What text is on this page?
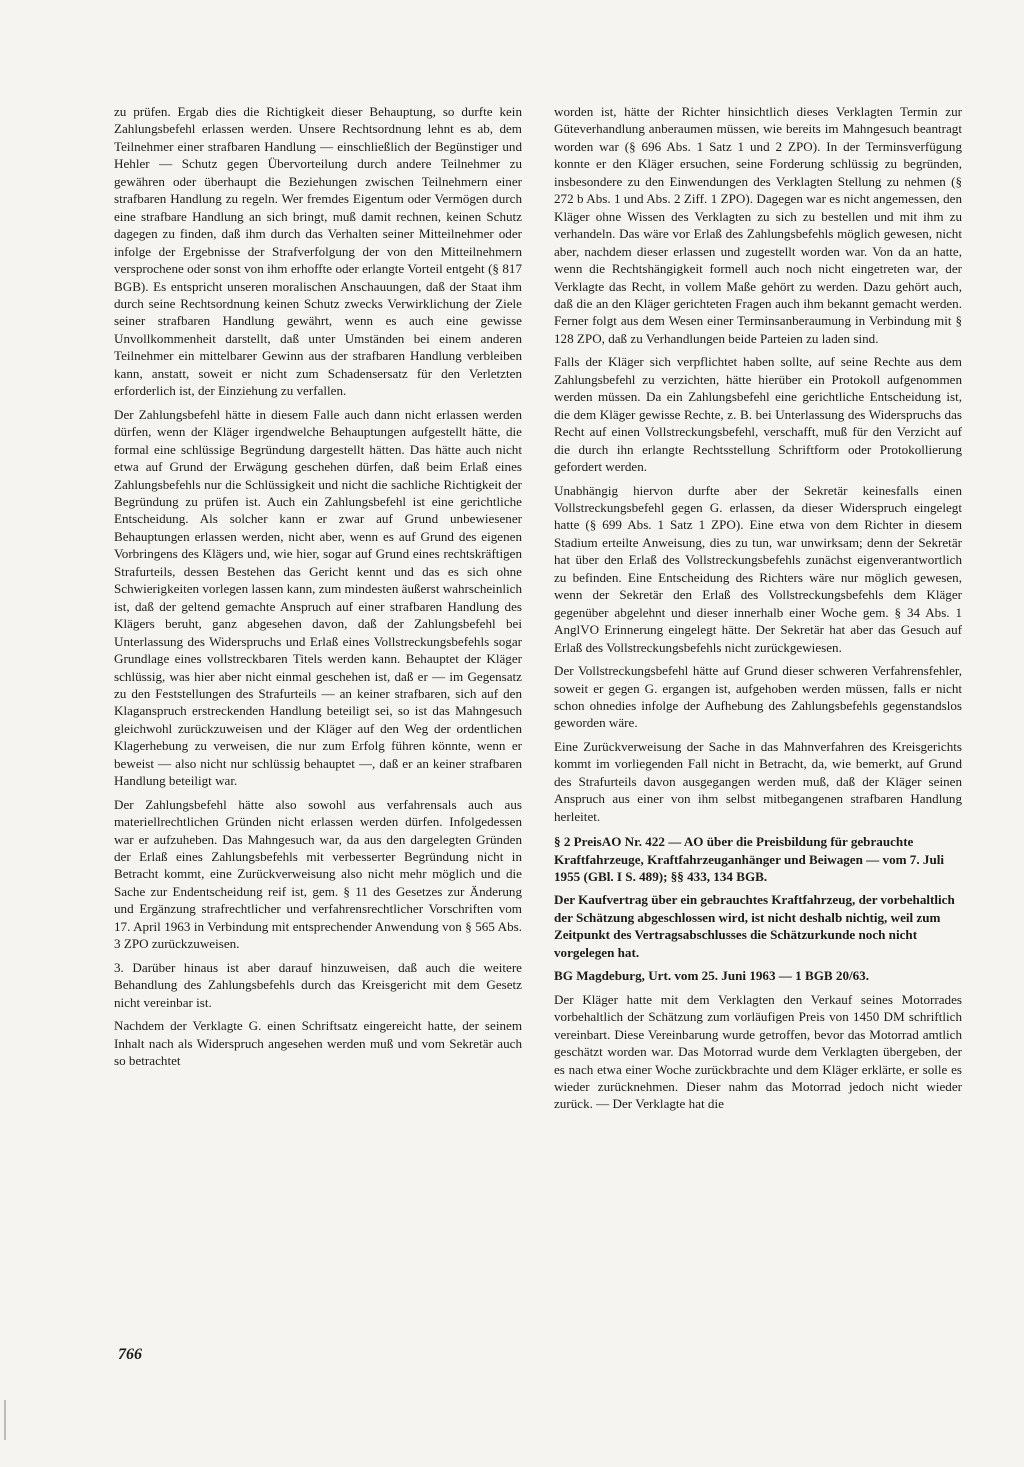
zu prüfen. Ergab dies die Richtigkeit dieser Behauptung, so durfte kein Zahlungsbefehl erlassen werden. Unsere Rechtsordnung lehnt es ab, dem Teilnehmer einer strafbaren Handlung — einschließlich der Begünstiger und Hehler — Schutz gegen Übervorteilung durch andere Teilnehmer zu gewähren oder überhaupt die Beziehungen zwischen Teilnehmern einer strafbaren Handlung zu regeln. Wer fremdes Eigentum oder Vermögen durch eine strafbare Handlung an sich bringt, muß damit rechnen, keinen Schutz dagegen zu finden, daß ihm durch das Verhalten seiner Mitteilnehmer oder infolge der Ergebnisse der Strafverfolgung der von den Mitteilnehmern versprochene oder sonst von ihm erhoffte oder erlangte Vorteil entgeht (§ 817 BGB). Es entspricht unseren moralischen Anschauungen, daß der Staat ihm durch seine Rechtsordnung keinen Schutz zwecks Verwirklichung der Ziele seiner strafbaren Handlung gewährt, wenn es auch eine gewisse Unvollkommenheit darstellt, daß unter Umständen bei einem anderen Teilnehmer ein mittelbarer Gewinn aus der strafbaren Handlung verbleiben kann, anstatt, soweit er nicht zum Schadensersatz für den Verletzten erforderlich ist, der Einziehung zu verfallen.

Der Zahlungsbefehl hätte in diesem Falle auch dann nicht erlassen werden dürfen, wenn der Kläger irgendwelche Behauptungen aufgestellt hätte, die formal eine schlüssige Begründung dargestellt hätten. Das hätte auch nicht etwa auf Grund der Erwägung geschehen dürfen, daß beim Erlaß eines Zahlungsbefehls nur die Schlüssigkeit und nicht die sachliche Richtigkeit der Begründung zu prüfen ist. Auch ein Zahlungsbefehl ist eine gerichtliche Entscheidung. Als solcher kann er zwar auf Grund unbewiesener Behauptungen erlassen werden, nicht aber, wenn es auf Grund des eigenen Vorbringens des Klägers und, wie hier, sogar auf Grund eines rechtskräftigen Strafurteils, dessen Bestehen das Gericht kennt und das es sich ohne Schwierigkeiten vorlegen lassen kann, zum mindesten äußerst wahrscheinlich ist, daß der geltend gemachte Anspruch auf einer strafbaren Handlung des Klägers beruht, ganz abgesehen davon, daß der Zahlungsbefehl bei Unterlassung des Widerspruchs und Erlaß eines Vollstreckungsbefehls sogar Grundlage eines vollstreckbaren Titels werden kann. Behauptet der Kläger schlüssig, was hier aber nicht einmal geschehen ist, daß er — im Gegensatz zu den Feststellungen des Strafurteils — an keiner strafbaren, sich auf den Klaganspruch erstreckenden Handlung beteiligt sei, so ist das Mahngesuch gleichwohl zurückzuweisen und der Kläger auf den Weg der ordentlichen Klagerhebung zu verweisen, die nur zum Erfolg führen könnte, wenn er beweist — also nicht nur schlüssig behauptet —, daß er an keiner strafbaren Handlung beteiligt war.

Der Zahlungsbefehl hätte also sowohl aus verfahrensals auch aus materiellrechtlichen Gründen nicht erlassen werden dürfen. Infolgedessen war er aufzuheben. Das Mahngesuch war, da aus den dargelegten Gründen der Erlaß eines Zahlungsbefehls mit verbesserter Begründung nicht in Betracht kommt, eine Zurückverweisung also nicht mehr möglich und die Sache zur Endentscheidung reif ist, gem. § 11 des Gesetzes zur Änderung und Ergänzung strafrechtlicher und verfahrensrechtlicher Vorschriften vom 17. April 1963 in Verbindung mit entsprechender Anwendung von § 565 Abs. 3 ZPO zurückzuweisen.

3. Darüber hinaus ist aber darauf hinzuweisen, daß auch die weitere Behandlung des Zahlungsbefehls durch das Kreisgericht mit dem Gesetz nicht vereinbar ist.

Nachdem der Verklagte G. einen Schriftsatz eingereicht hatte, der seinem Inhalt nach als Widerspruch angesehen werden muß und vom Sekretär auch so betrachtet

worden ist, hätte der Richter hinsichtlich dieses Verklagten Termin zur Güteverhandlung anberaumen müssen, wie bereits im Mahngesuch beantragt worden war (§ 696 Abs. 1 Satz 1 und 2 ZPO). In der Terminsverfügung konnte er den Kläger ersuchen, seine Forderung schlüssig zu begründen, insbesondere zu den Einwendungen des Verklagten Stellung zu nehmen (§ 272 b Abs. 1 und Abs. 2 Ziff. 1 ZPO). Dagegen war es nicht angemessen, den Kläger ohne Wissen des Verklagten zu sich zu bestellen und mit ihm zu verhandeln. Das wäre vor Erlaß des Zahlungsbefehls möglich gewesen, nicht aber, nachdem dieser erlassen und zugestellt worden war. Von da an hatte, wenn die Rechtshängigkeit formell auch noch nicht eingetreten war, der Verklagte das Recht, in vollem Maße gehört zu werden. Dazu gehört auch, daß die an den Kläger gerichteten Fragen auch ihm bekannt gemacht werden. Ferner folgt aus dem Wesen einer Terminsanberaumung in Verbindung mit § 128 ZPO, daß zu Verhandlungen beide Parteien zu laden sind.

Falls der Kläger sich verpflichtet haben sollte, auf seine Rechte aus dem Zahlungsbefehl zu verzichten, hätte hierüber ein Protokoll aufgenommen werden müssen. Da ein Zahlungsbefehl eine gerichtliche Entscheidung ist, die dem Kläger gewisse Rechte, z. B. bei Unterlassung des Widerspruchs das Recht auf einen Vollstreckungsbefehl, verschafft, muß für den Verzicht auf die durch ihn erlangte Rechtsstellung Schriftform oder Protokollierung gefordert werden.

Unabhängig hiervon durfte aber der Sekretär keinesfalls einen Vollstreckungsbefehl gegen G. erlassen, da dieser Widerspruch eingelegt hatte (§ 699 Abs. 1 Satz 1 ZPO). Eine etwa von dem Richter in diesem Stadium erteilte Anweisung, dies zu tun, war unwirksam; denn der Sekretär hat über den Erlaß des Vollstreckungsbefehls zunächst eigenverantwortlich zu befinden. Eine Entscheidung des Richters wäre nur möglich gewesen, wenn der Sekretär den Erlaß des Vollstreckungsbefehls dem Kläger gegenüber abgelehnt und dieser innerhalb einer Woche gem. § 34 Abs. 1 AnglVO Erinnerung eingelegt hätte. Der Sekretär hat aber das Gesuch auf Erlaß des Vollstreckungsbefehls nicht zurückgewiesen.

Der Vollstreckungsbefehl hätte auf Grund dieser schweren Verfahrensfehler, soweit er gegen G. ergangen ist, aufgehoben werden müssen, falls er nicht schon ohnedies infolge der Aufhebung des Zahlungsbefehls gegenstandslos geworden wäre.

Eine Zurückverweisung der Sache in das Mahnverfahren des Kreisgerichts kommt im vorliegenden Fall nicht in Betracht, da, wie bemerkt, auf Grund des Strafurteils davon ausgegangen werden muß, daß der Kläger seinen Anspruch aus einer von ihm selbst mitbegangenen strafbaren Handlung herleitet.

§ 2 PreisAO Nr. 422 — AO über die Preisbildung für gebrauchte Kraftfahrzeuge, Kraftfahrzeuganhänger und Beiwagen — vom 7. Juli 1955 (GBl. I S. 489); §§ 433, 134 BGB.

Der Kaufvertrag über ein gebrauchtes Kraftfahrzeug, der vorbehaltlich der Schätzung abgeschlossen wird, ist nicht deshalb nichtig, weil zum Zeitpunkt des Vertragsabschlusses die Schätzurkunde noch nicht vorgelegen hat.

BG Magdeburg, Urt. vom 25. Juni 1963 — 1 BGB 20/63.

Der Kläger hatte mit dem Verklagten den Verkauf seines Motorrades vorbehaltlich der Schätzung zum vorläufigen Preis von 1450 DM schriftlich vereinbart. Diese Vereinbarung wurde getroffen, bevor das Motorrad amtlich geschätzt worden war. Das Motorrad wurde dem Verklagten übergeben, der es nach etwa einer Woche zurückbrachte und dem Kläger erklärte, er solle es wieder zurücknehmen. Dieser nahm das Motorrad jedoch nicht wieder zurück. — Der Verklagte hat die

766
